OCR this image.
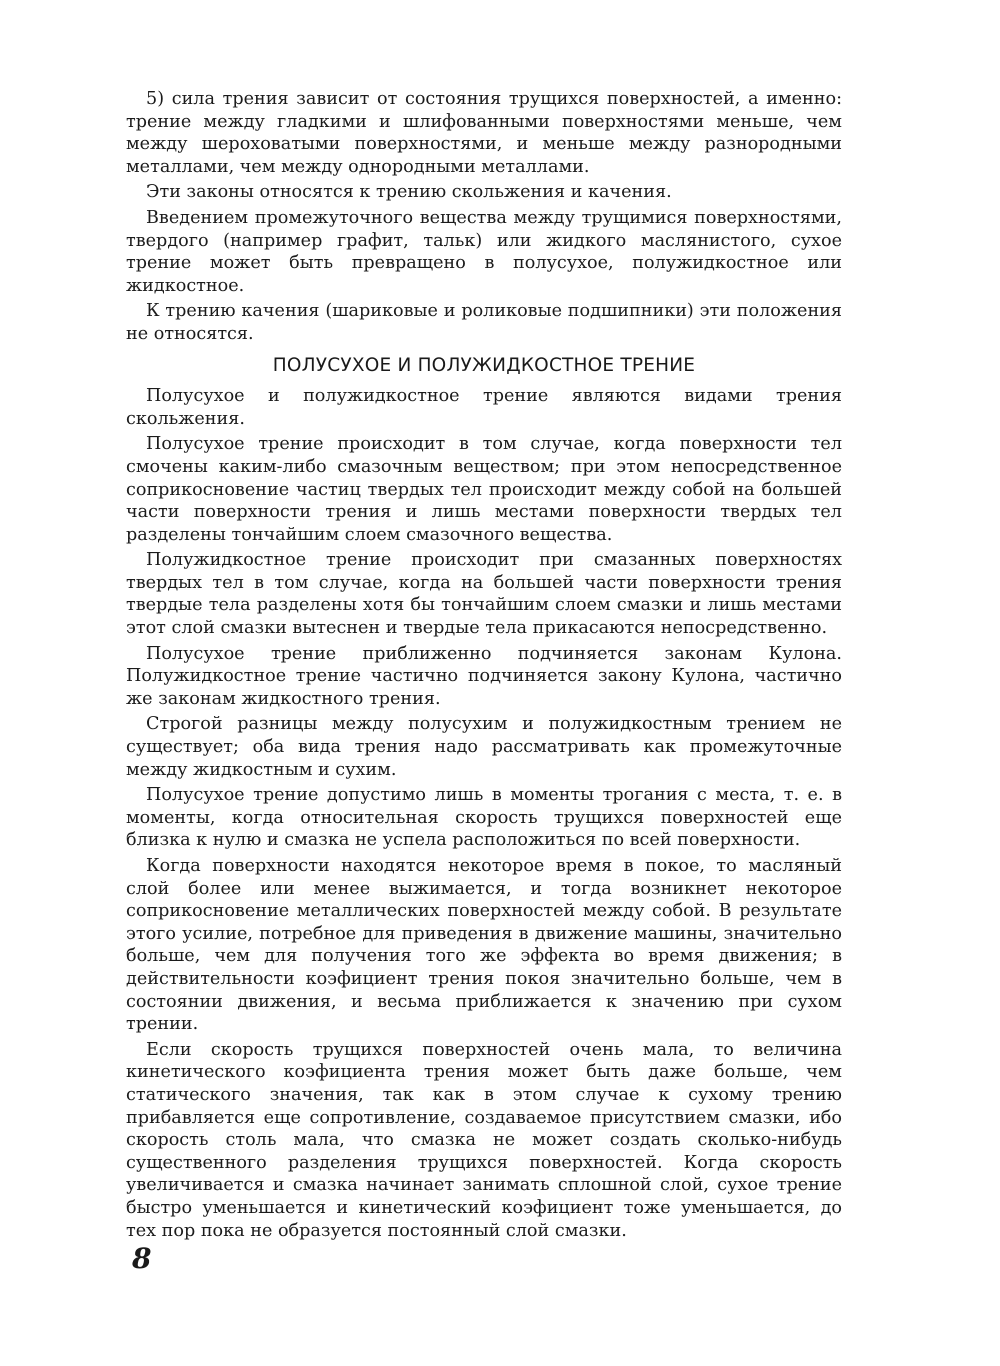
5) сила трения зависит от состояния трущихся поверхностей, а именно: трение между гладкими и шлифованными поверхностями меньше, чем между шероховатыми поверхностями, и меньше между разнородными металлами, чем между однородными металлами.

Эти законы относятся к трению скольжения и качения.

Введением промежуточного вещества между трущимися поверхностями, твердого (например графит, тальк) или жидкого маслянистого, сухое трение может быть превращено в полусухое, полужидкостное или жидкостное.

К трению качения (шариковые и роликовые подшипники) эти положения не относятся.

ПОЛУСУХОЕ И ПОЛУЖИДКОСТНОЕ ТРЕНИЕ

Полусухое и полужидкостное трение являются видами трения скольжения.

Полусухое трение происходит в том случае, когда поверхности тел смочены каким-либо смазочным веществом; при этом непосредственное соприкосновение частиц твердых тел происходит между собой на большей части поверхности трения и лишь местами поверхности твердых тел разделены тончайшим слоем смазочного вещества.

Полужидкостное трение происходит при смазанных поверхностях твердых тел в том случае, когда на большей части поверхности трения твердые тела разделены хотя бы тончайшим слоем смазки и лишь местами этот слой смазки вытеснен и твердые тела прикасаются непосредственно.

Полусухое трение приближенно подчиняется законам Кулона. Полужидкостное трение частично подчиняется закону Кулона, частично же законам жидкостного трения.

Строгой разницы между полусухим и полужидкостным трением не существует; оба вида трения надо рассматривать как промежуточные между жидкостным и сухим.

Полусухое трение допустимо лишь в моменты трогания с места, т. е. в моменты, когда относительная скорость трущихся поверхностей еще близка к нулю и смазка не успела расположиться по всей поверхности.

Когда поверхности находятся некоторое время в покое, то масляный слой более или менее выжимается, и тогда возникнет некоторое соприкосновение металлических поверхностей между собой. В результате этого усилие, потребное для приведения в движение машины, значительно больше, чем для получения того же эффекта во время движения; в действительности коэфициент трения покоя значительно больше, чем в состоянии движения, и весьма приближается к значению при сухом трении.

Если скорость трущихся поверхностей очень мала, то величина кинетического коэфициента трения может быть даже больше, чем статического значения, так как в этом случае к сухому трению прибавляется еще сопротивление, создаваемое присутствием смазки, ибо скорость столь мала, что смазка не может создать сколько-нибудь существенного разделения трущихся поверхностей. Когда скорость увеличивается и смазка начинает занимать сплошной слой, сухое трение быстро уменьшается и кинетический коэфициент тоже уменьшается, до тех пор пока не образуется постоянный слой смазки.

8
